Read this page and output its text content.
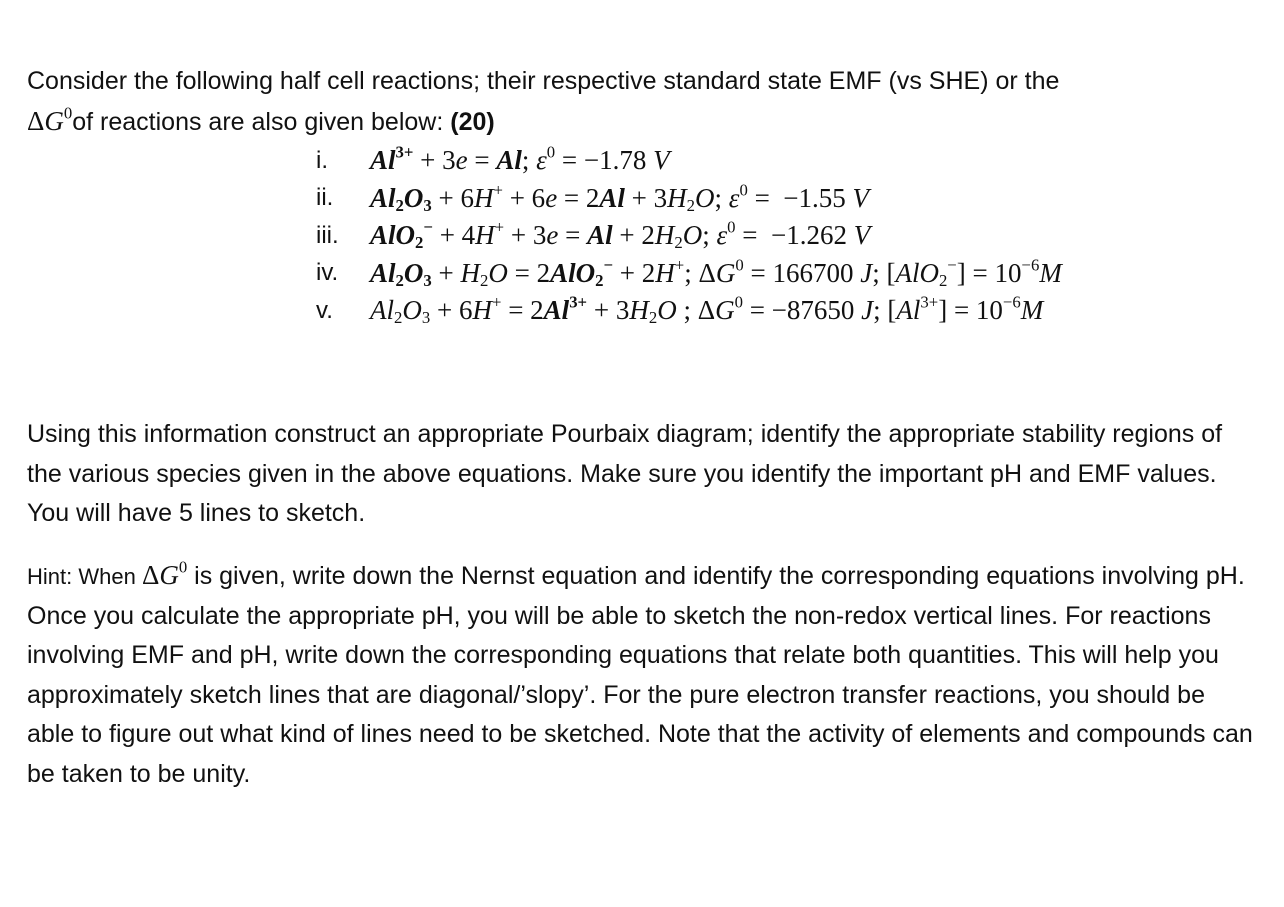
Consider the following half cell reactions; their respective standard state EMF (vs SHE) or the
$\Delta G^0of$ reactions are also given below: (20)
i.	$Al^{3+} + 3e = Al$; $\varepsilon^0 = -1.78$ V
ii.	$Al_2O_3 + 6H^+ + 6e = 2Al + 3H_2O$; $\varepsilon^0 = -1.55$ V
iii.	$AlO_2^- + 4H^+ + 3e = Al + 2H_2O$; $\varepsilon^0 = -1.262$ V
iv.	$Al_2O_3 + H_2O = 2AlO_2^- + 2H^+$; $\Delta G^0 = 166700$ J; $[AlO_2^-] = 10^{-6}M$
v.	$Al_2O_3 + 6H^+ = 2Al^{3+} + 3H_2O$ ; $\Delta G^0 = -87650$ J; $[Al^{3+}] = 10^{-6}M$
Using this information construct an appropriate Pourbaix diagram; identify the appropriate stability regions of the various species given in the above equations. Make sure you identify the important pH and EMF values. You will have 5 lines to sketch.
Hint: When $\Delta G^0$ is given, write down the Nernst equation and identify the corresponding equations involving pH. Once you calculate the appropriate pH, you will be able to sketch the non-redox vertical lines. For reactions involving EMF and pH, write down the corresponding equations that relate both quantities. This will help you approximately sketch lines that are diagonal/’slopy’. For the pure electron transfer reactions, you should be able to figure out what kind of lines need to be sketched. Note that the activity of elements and compounds can be taken to be unity.
